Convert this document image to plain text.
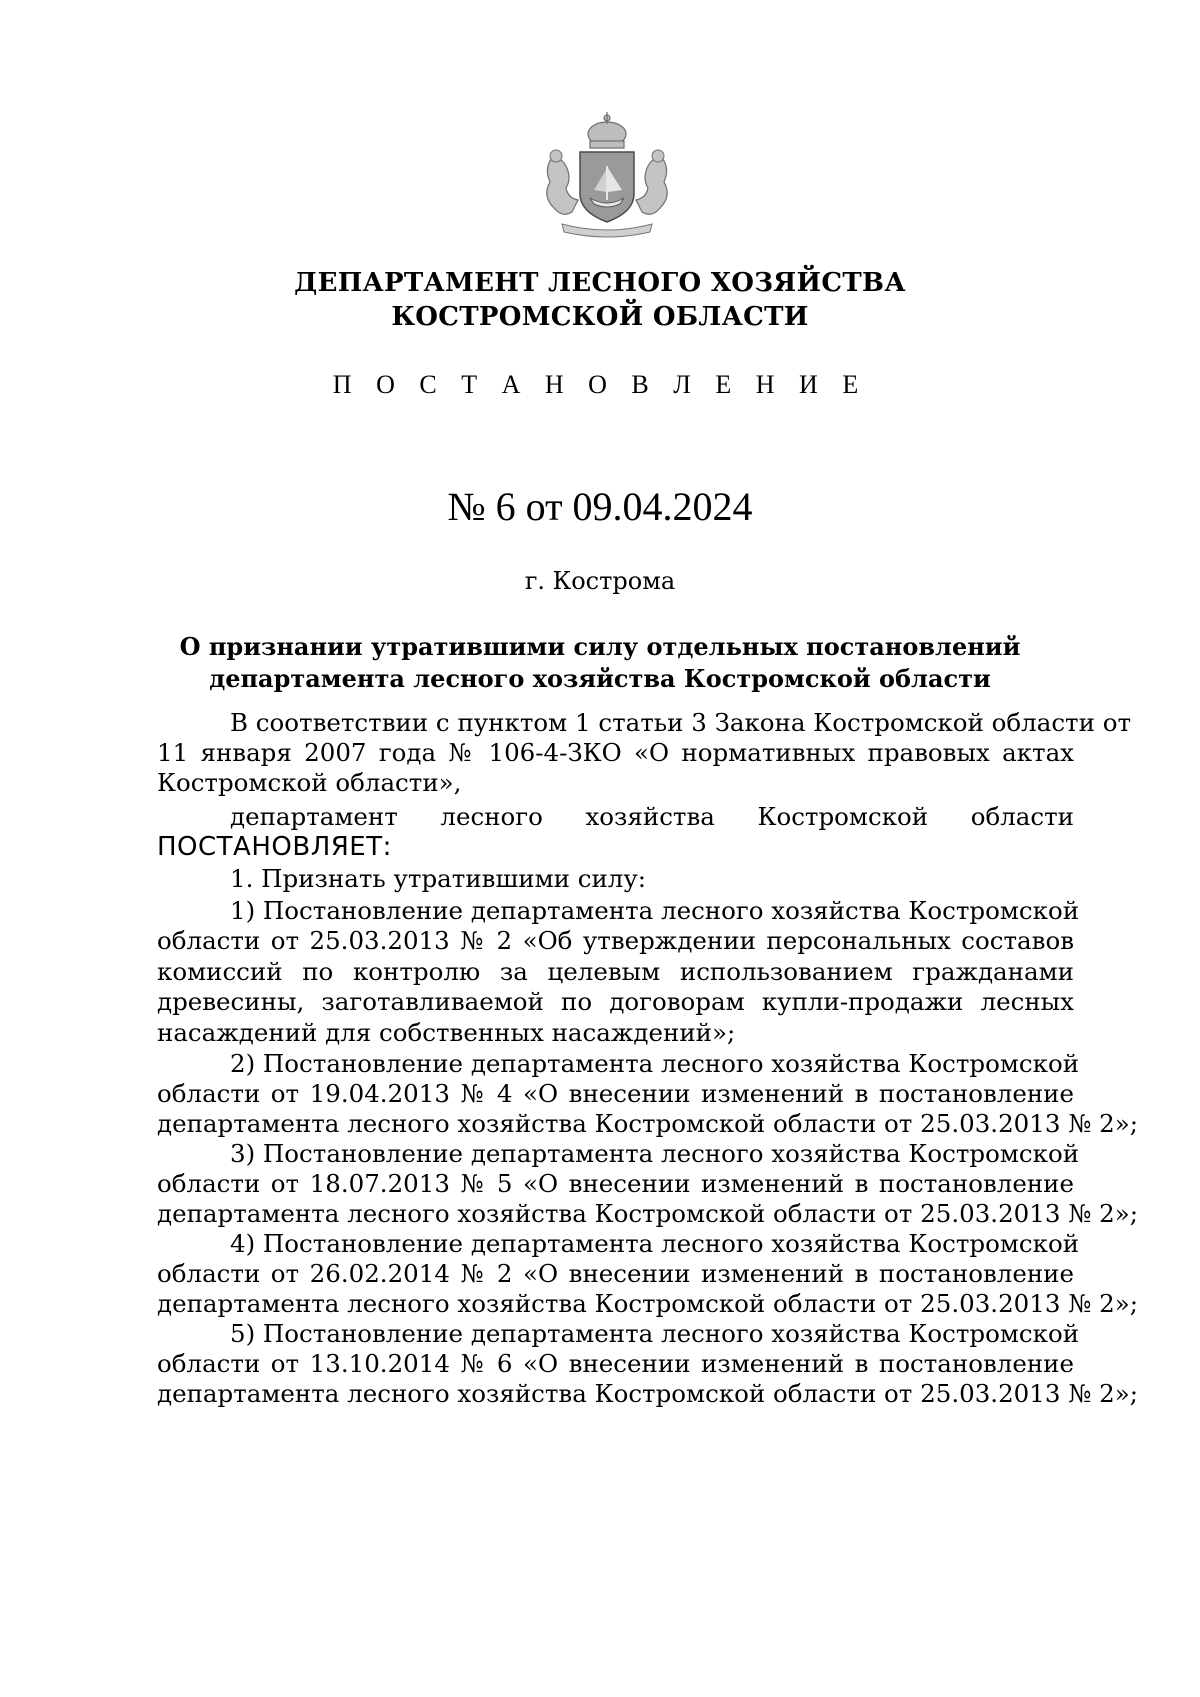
ДЕПАРТАМЕНТ ЛЕСНОГО ХОЗЯЙСТВА
КОСТРОМСКОЙ ОБЛАСТИ
П О С Т А Н О В Л Е Н И Е
№ 6 от 09.04.2024
г. Кострома
О признании утратившими силу отдельных постановлений
департамента лесного хозяйства Костромской области
В соответствии с пунктом 1 статьи 3 Закона Костромской области от
11 января 2007 года № 106-4-ЗКО «О нормативных правовых актах
Костромской области»,
департамент лесного хозяйства Костромской области
ПОСТАНОВЛЯЕТ:
1. Признать утратившими силу:
1) Постановление департамента лесного хозяйства Костромской
области от 25.03.2013 № 2 «Об утверждении персональных составов
комиссий по контролю за целевым использованием гражданами
древесины, заготавливаемой по договорам купли-продажи лесных
насаждений для собственных насаждений»;
2) Постановление департамента лесного хозяйства Костромской
области от 19.04.2013 № 4 «О внесении изменений в постановление
департамента лесного хозяйства Костромской области от 25.03.2013 № 2»;
3) Постановление департамента лесного хозяйства Костромской
области от 18.07.2013 № 5 «О внесении изменений в постановление
департамента лесного хозяйства Костромской области от 25.03.2013 № 2»;
4) Постановление департамента лесного хозяйства Костромской
области от 26.02.2014 № 2 «О внесении изменений в постановление
департамента лесного хозяйства Костромской области от 25.03.2013 № 2»;
5) Постановление департамента лесного хозяйства Костромской
области от 13.10.2014 № 6 «О внесении изменений в постановление
департамента лесного хозяйства Костромской области от 25.03.2013 № 2»;
